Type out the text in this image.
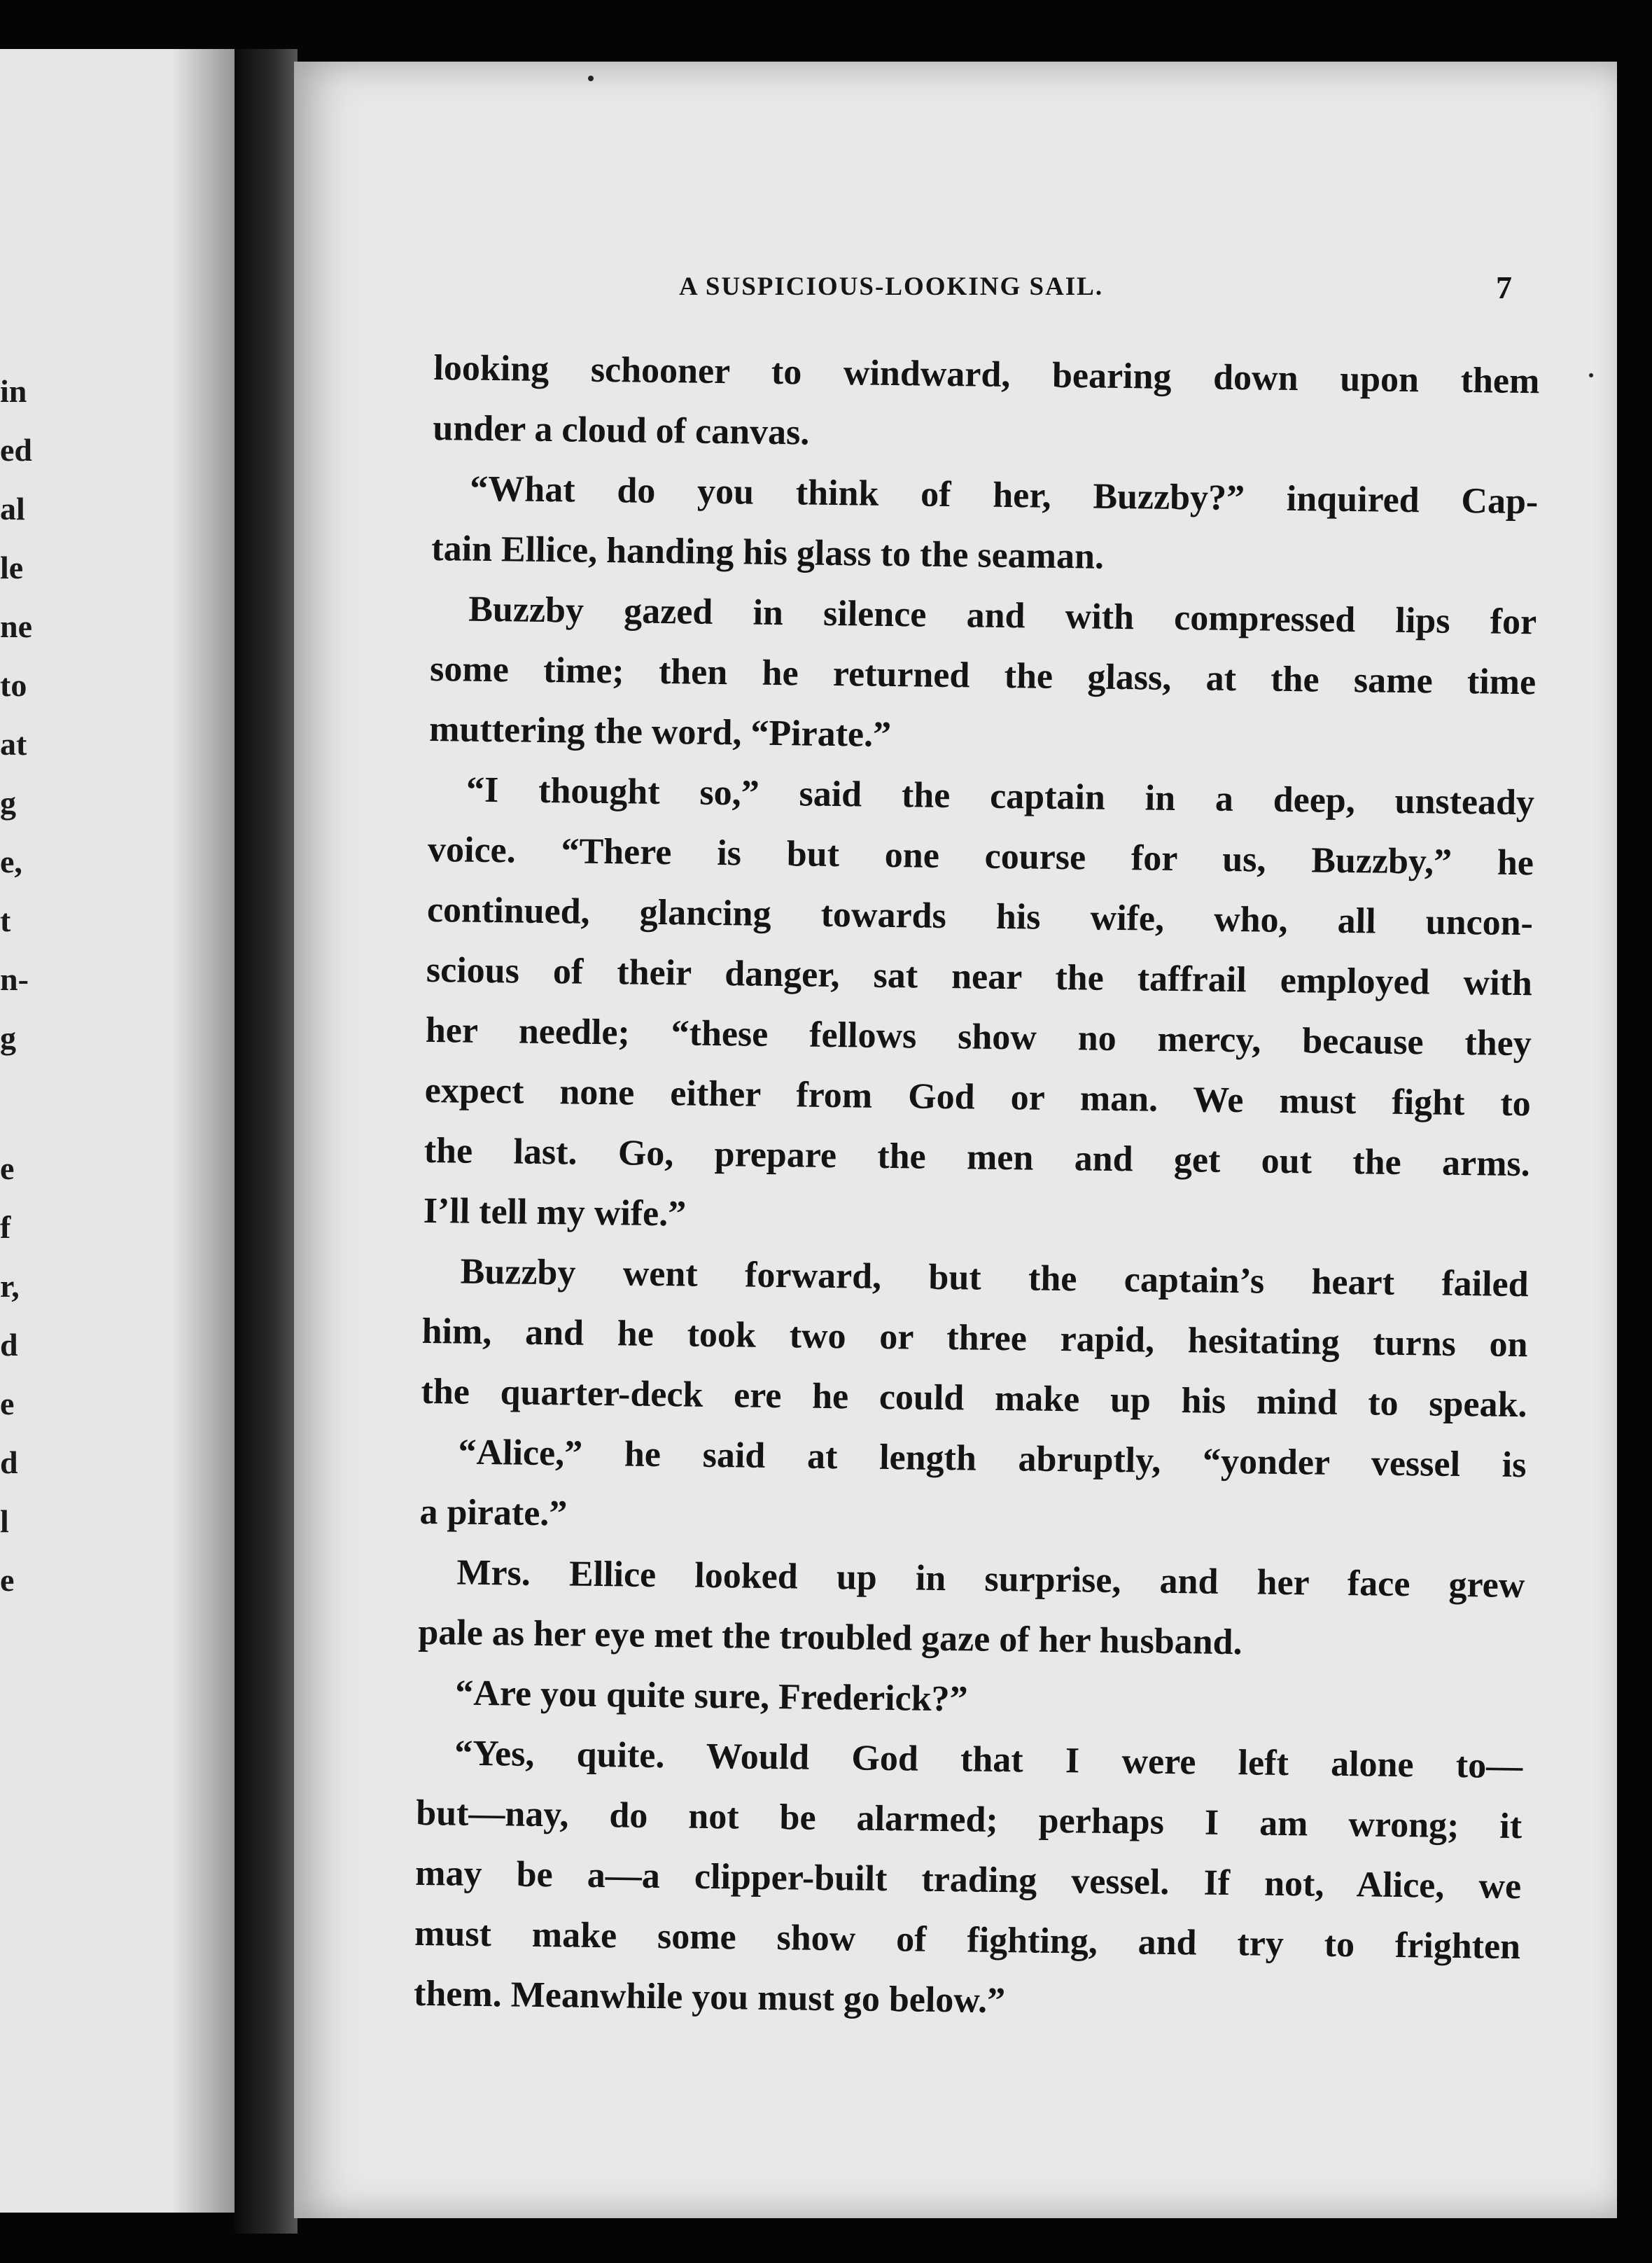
in
ed
al
le
ne
to
at
g
e,
t
n-
g
e
f
r,
d
e
d
l
e
A SUSPICIOUS-LOOKING SAIL.	7
looking schooner to windward, bearing down upon them
under a cloud of canvas.
“What do you think of her, Buzzby?” inquired Cap-
tain Ellice, handing his glass to the seaman.
Buzzby gazed in silence and with compressed lips for
some time; then he returned the glass, at the same time
muttering the word, “Pirate.”
“I thought so,” said the captain in a deep, unsteady
voice. “There is but one course for us, Buzzby,” he
continued, glancing towards his wife, who, all uncon-
scious of their danger, sat near the taffrail employed with
her needle; “these fellows show no mercy, because they
expect none either from God or man. We must fight to
the last. Go, prepare the men and get out the arms.
I’ll tell my wife.”
Buzzby went forward, but the captain’s heart failed
him, and he took two or three rapid, hesitating turns on
the quarter-deck ere he could make up his mind to speak.
“Alice,” he said at length abruptly, “yonder vessel is
a pirate.”
Mrs. Ellice looked up in surprise, and her face grew
pale as her eye met the troubled gaze of her husband.
“Are you quite sure, Frederick?”
“Yes, quite. Would God that I were left alone to—
but—nay, do not be alarmed; perhaps I am wrong; it
may be a—a clipper-built trading vessel. If not, Alice, we
must make some show of fighting, and try to frighten
them. Meanwhile you must go below.”
